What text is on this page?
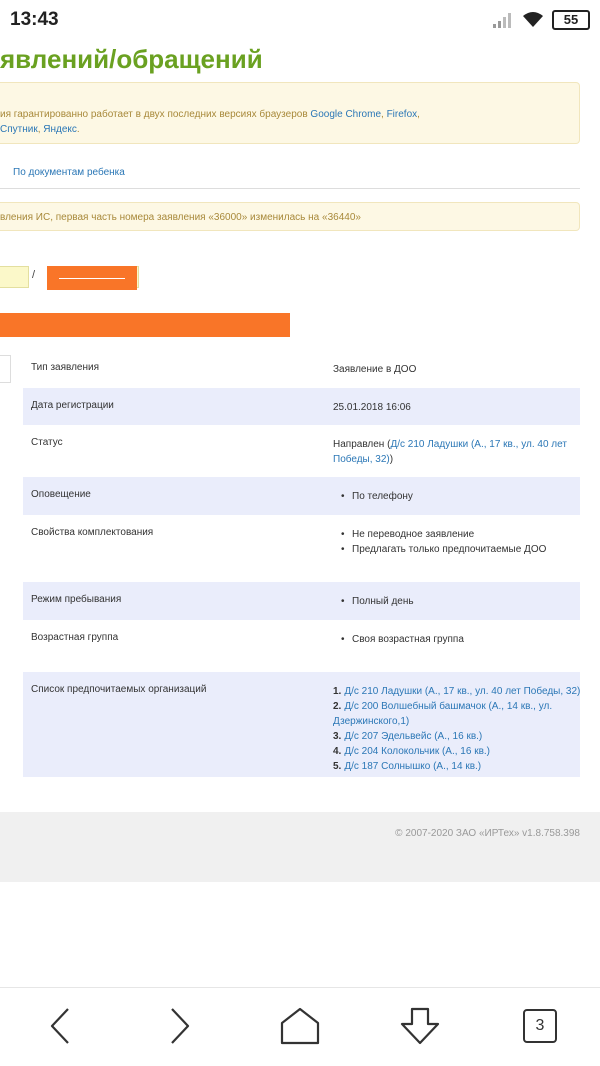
13:43	55
явлений/обращений
ия гарантированно работает в двух последних версиях браузеров Google Chrome, Firefox,
Спутник, Яндекс.
По документам ребенка
вления ИС, первая часть номера заявления «36000» изменилась на «36440»
/
Тип заявления	Заявление в ДОО
Дата регистрации	25.01.2018 16:06
Статус	Направлен (Д/с 210 Ладушки (А., 17 кв., ул. 40 лет Победы, 32))
Оповещение	• По телефону
Свойства комплектования	• Не переводное заявление
• Предлагать только предпочитаемые ДОО
Режим пребывания	• Полный день
Возрастная группа	• Своя возрастная группа
Список предпочитаемых организаций	1. Д/с 210 Ладушки (А., 17 кв., ул. 40 лет Победы, 32)
2. Д/с 200 Волшебный башмачок (А., 14 кв., ул. Дзержинского,1)
3. Д/с 207 Эдельвейс (А., 16 кв.)
4. Д/с 204 Колокольчик (А., 16 кв.)
5. Д/с 187 Солнышко (А., 14 кв.)
© 2007-2020 ЗАО «ИРТех» v1.8.758.398
3
